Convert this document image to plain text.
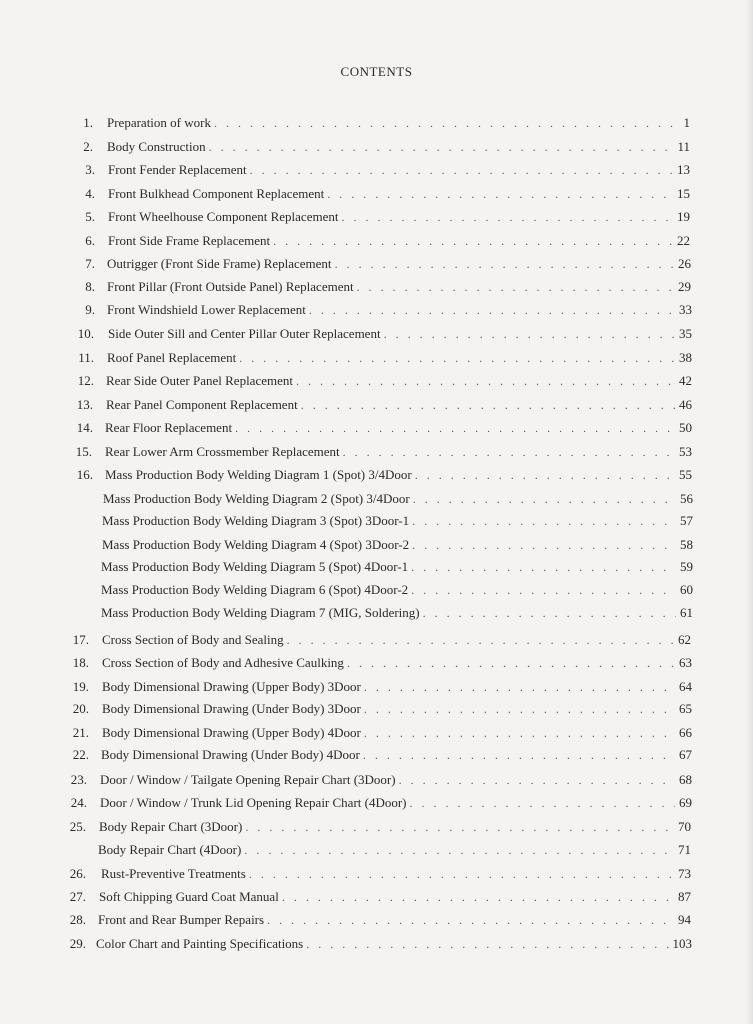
CONTENTS
1. Preparation of work . . .	1
2. Body Construction . . .	11
3. Front Fender Replacement . . .	13
4. Front Bulkhead Component Replacement . . .	15
5. Front Wheelhouse Component Replacement . . .	19
6. Front Side Frame Replacement . . .	22
7. Outrigger (Front Side Frame) Replacement . . .	26
8. Front Pillar (Front Outside Panel) Replacement . . .	29
9. Front Windshield Lower Replacement . . .	33
10. Side Outer Sill and Center Pillar Outer Replacement . . .	35
11. Roof Panel Replacement . . .	38
12. Rear Side Outer Panel Replacement . . .	42
13. Rear Panel Component Replacement . . .	46
14. Rear Floor Replacement . . .	50
15. Rear Lower Arm Crossmember Replacement . . .	53
16. Mass Production Body Welding Diagram 1 (Spot) 3/4Door . . .	55
Mass Production Body Welding Diagram 2 (Spot) 3/4Door . . .	56
Mass Production Body Welding Diagram 3 (Spot) 3Door-1 . . .	57
Mass Production Body Welding Diagram 4 (Spot) 3Door-2 . . .	58
Mass Production Body Welding Diagram 5 (Spot) 4Door-1 . . .	59
Mass Production Body Welding Diagram 6 (Spot) 4Door-2 . . .	60
Mass Production Body Welding Diagram 7 (MIG, Soldering) . . .	61
17. Cross Section of Body and Sealing . . .	62
18. Cross Section of Body and Adhesive Caulking . . .	63
19. Body Dimensional Drawing (Upper Body) 3Door . . .	64
20. Body Dimensional Drawing (Under Body) 3Door . . .	65
21. Body Dimensional Drawing (Upper Body) 4Door . . .	66
22. Body Dimensional Drawing (Under Body) 4Door . . .	67
23. Door / Window / Tailgate Opening Repair Chart (3Door) . . .	68
24. Door / Window / Trunk Lid Opening Repair Chart (4Door) . . .	69
25. Body Repair Chart (3Door) . . .	70
Body Repair Chart (4Door) . . .	71
26. Rust-Preventive Treatments . . .	73
27. Soft Chipping Guard Coat Manual . . .	87
28. Front and Rear Bumper Repairs . . .	94
29. Color Chart and Painting Specifications . . .	103
